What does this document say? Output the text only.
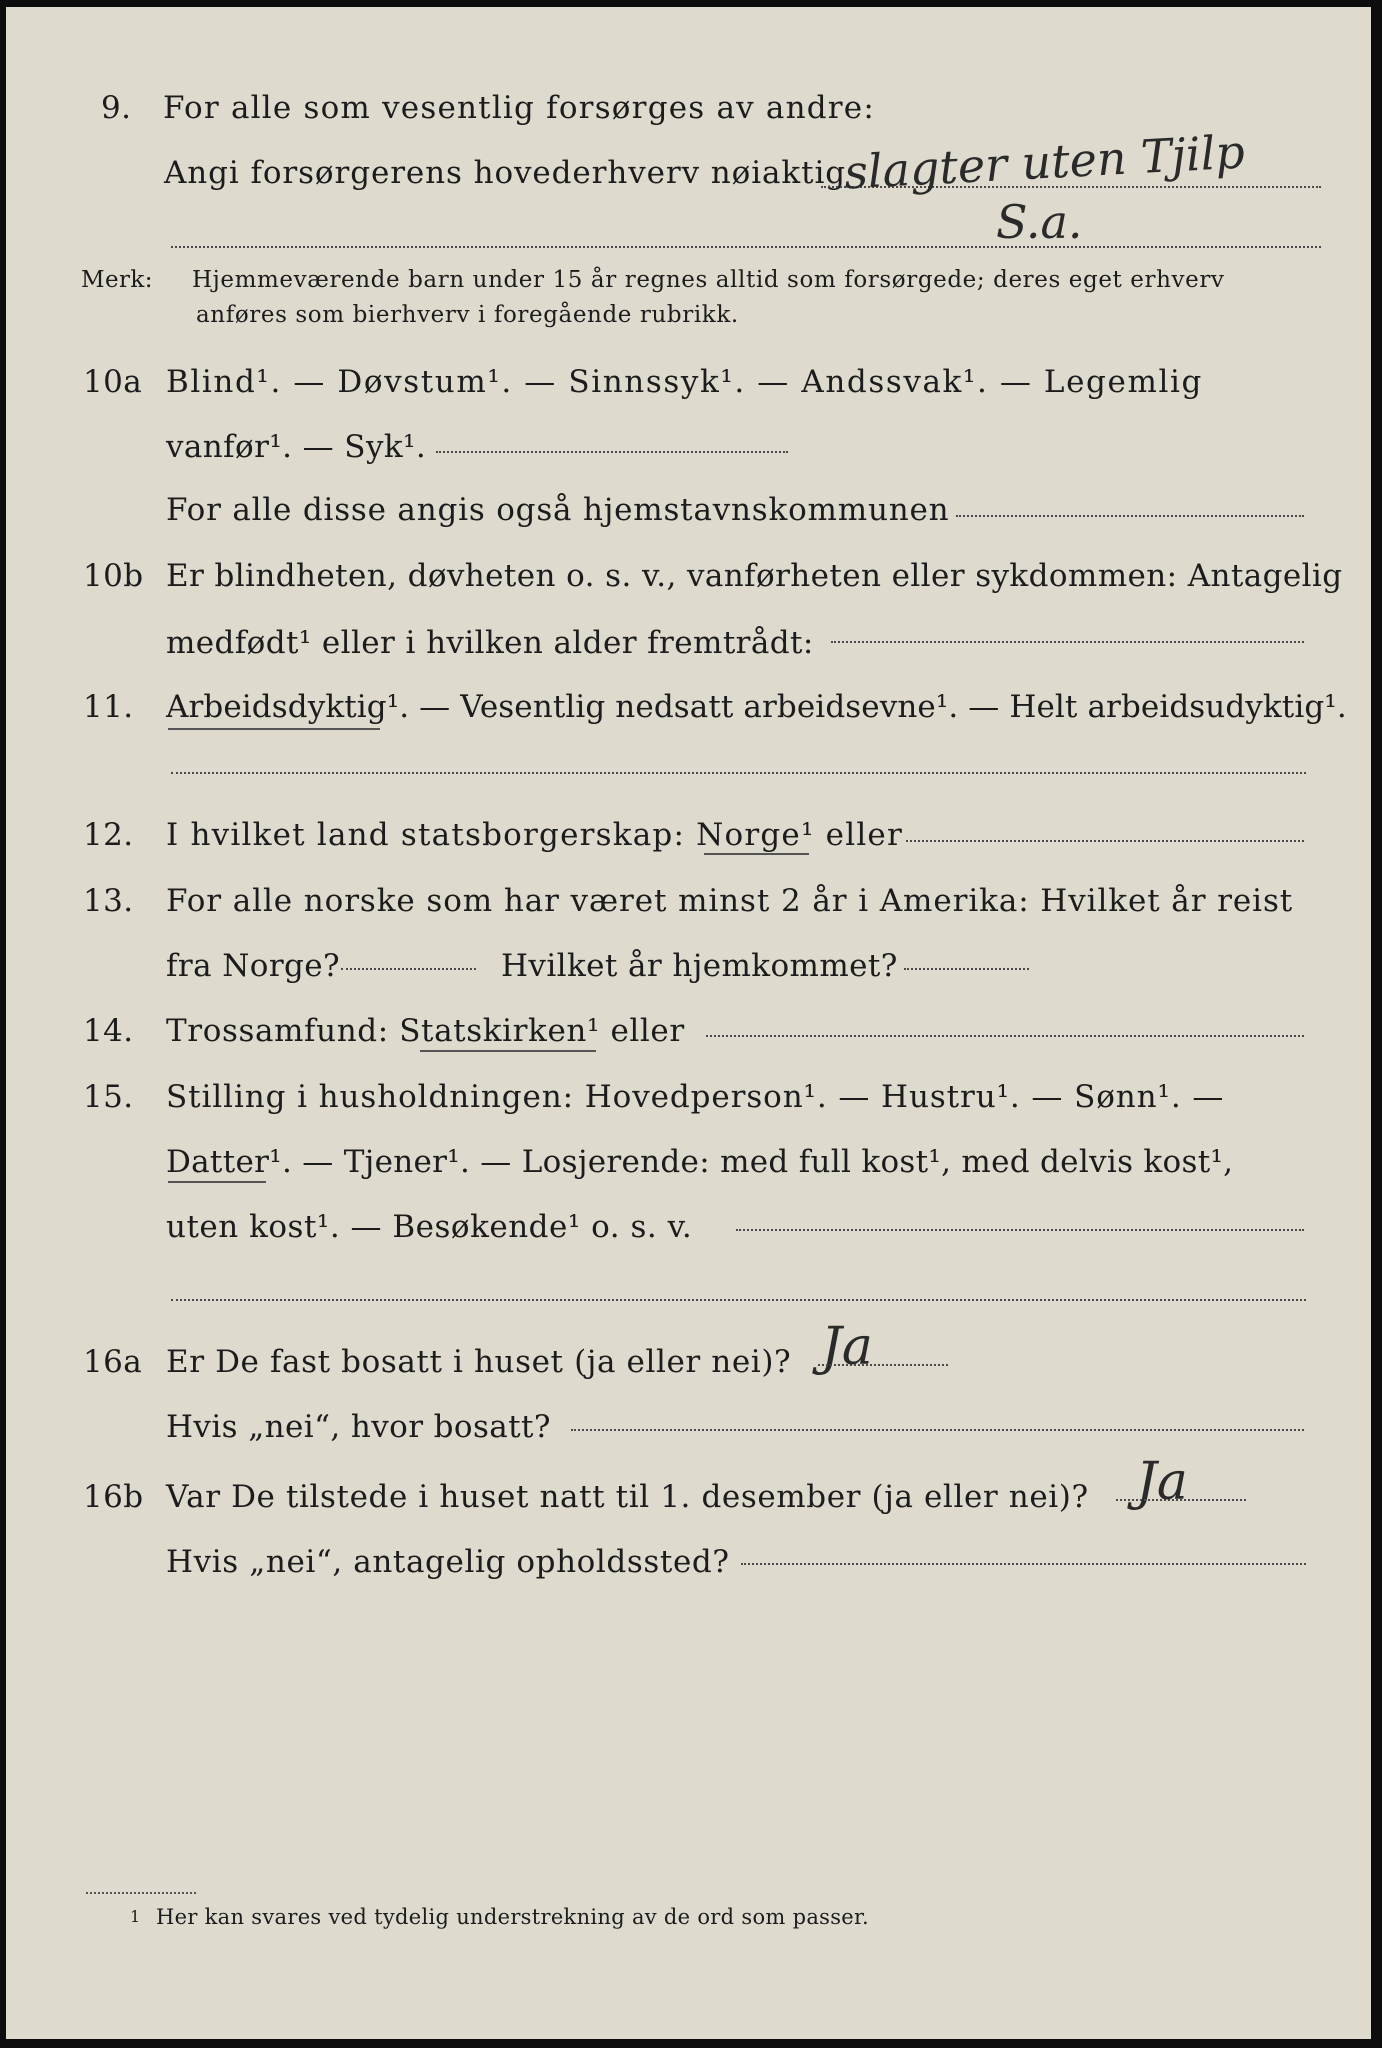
9. For alle som vesentlig forsørges av andre:
Angi forsørgerens hovederhverv nøiaktig
slagter uten Tjilp
S.a.
Merk: Hjemmeværende barn under 15 år regnes alltid som forsørgede; deres eget erhverv
anføres som bierhverv i foregående rubrikk.
10a Blind¹. — Døvstum¹. — Sinnssyk¹. — Andssvak¹. — Legemlig
vanfør¹. — Syk¹.
For alle disse angis også hjemstavnskommunen
10b Er blindheten, døvheten o. s. v., vanførheten eller sykdommen: Antagelig
medfødt¹ eller i hvilken alder fremtrådt:
11. Arbeidsdyktig¹. — Vesentlig nedsatt arbeidsevne¹. — Helt arbeidsudyktig¹.
12. I hvilket land statsborgerskap: Norge¹ eller
13. For alle norske som har været minst 2 år i Amerika: Hvilket år reist
fra Norge?	Hvilket år hjemkommet?
14. Trossamfund: Statskirken¹ eller
15. Stilling i husholdningen: Hovedperson¹. — Hustru¹. — Sønn¹. —
Datter¹. — Tjener¹. — Losjerende: med full kost¹, med delvis kost¹,
uten kost¹. — Besøkende¹ o. s. v.
16a Er De fast bosatt i huset (ja eller nei)? Ja
Hvis „nei“, hvor bosatt?
16b Var De tilstede i huset natt til 1. desember (ja eller nei)? Ja
Hvis „nei“, antagelig opholdssted?
1 Her kan svares ved tydelig understrekning av de ord som passer.
